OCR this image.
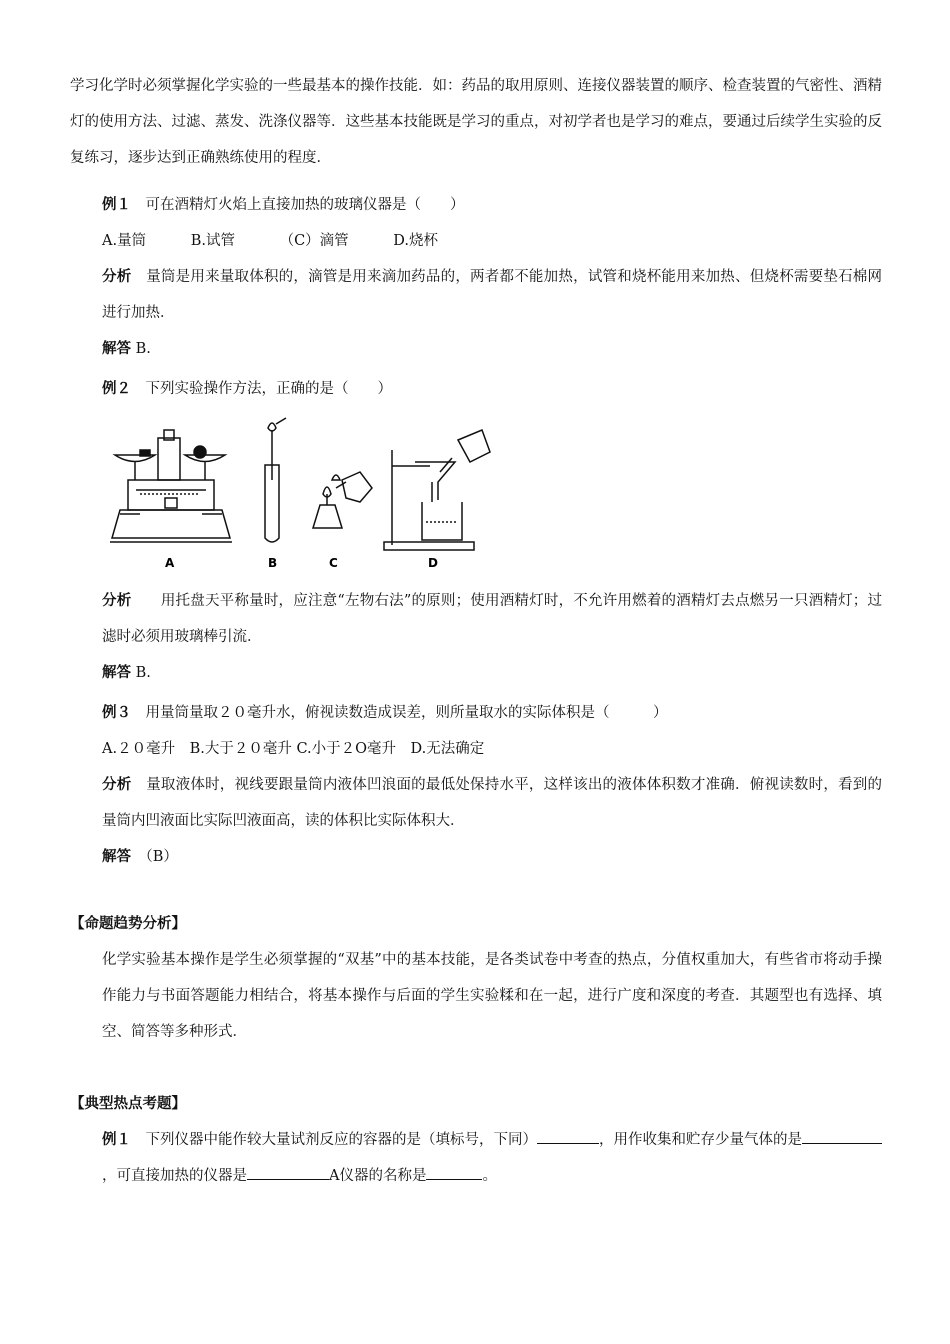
学习化学时必须掌握化学实验的一些最基本的操作技能．如：药品的取用原则、连接仪器装置的顺序、检查装置的气密性、酒精灯的使用方法、过滤、蒸发、洗涤仪器等．这些基本技能既是学习的重点，对初学者也是学习的难点，要通过后续学生实验的反复练习，逐步达到正确熟练使用的程度．

例１　 可在酒精灯火焰上直接加热的玻璃仪器是（　　）

A.量筒	B.试管	（C）滴管	D.烧杯

分析　 量筒是用来量取体积的，滴管是用来滴加药品的，两者都不能加热，试管和烧杯能用来加热、但烧杯需要垫石棉网进行加热．

解答 B.

例２　 下列实验操作方法，正确的是（　　）

A	B	C	D

分析　　 用托盘天平称量时，应注意“左物右法”的原则；使用酒精灯时，不允许用燃着的酒精灯去点燃另一只酒精灯；过滤时必须用玻璃棒引流．

解答 B.

例３　 用量筒量取２０毫升水，俯视读数造成误差，则所量取水的实际体积是（　　　）

A.２０毫升　B.大于２０毫升 C.小于２O毫升　D.无法确定

分析　 量取液体时，视线要跟量筒内液体凹浪面的最低处保持水平，这样该出的液体体积数才准确．俯视读数时，看到的量筒内凹液面比实际凹液面高，读的体积比实际体积大．

解答　 （B）

【命题趋势分析】

化学实验基本操作是学生必须掌握的“双基”中的基本技能，是各类试卷中考查的热点，分值权重加大，有些省市将动手操作能力与书面答题能力相结合，将基本操作与后面的学生实验糅和在一起，进行广度和深度的考查．其题型也有选择、填空、简答等多种形式．

【典型热点考题】

例１　 下列仪器中能作较大量试剂反应的容器的是（填标号，下同）	，用作收集和贮存少量气体的是，可直接加热的仪器是	A仪器的名称是	。
